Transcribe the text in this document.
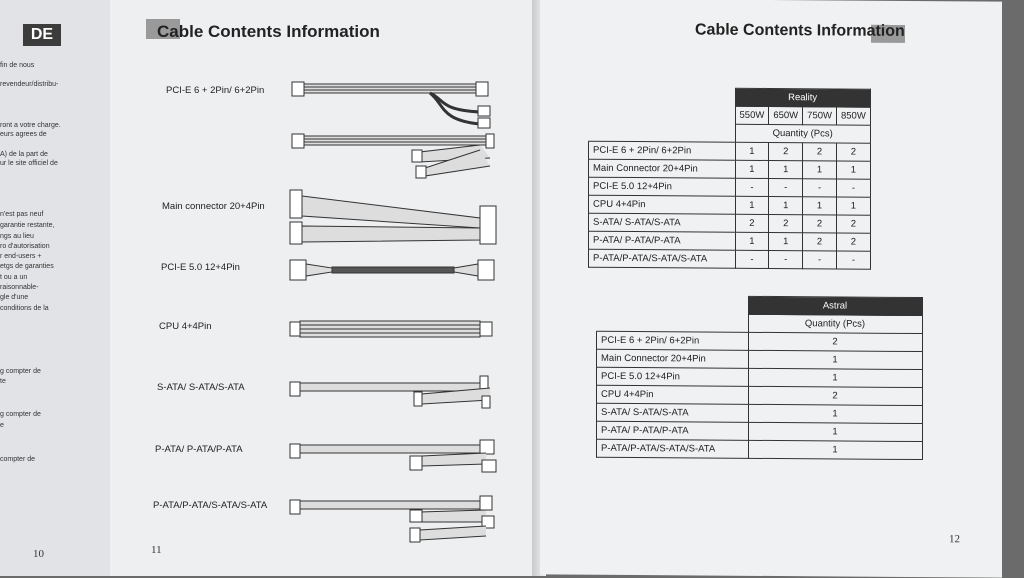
DE
fin de nous
revendeur/distribu-
ront a votre charge.
eurs agrees de
A) de la part de
ur le site officiel de
n'est pas neuf
garantie restante,
ngs au lieu
ro d'autorisation
r end-users +
etgs de garanties
t ou a un
raisonnable-
gle d'une
conditions de la
g compter de
te
g compter de
e
compter de
10
Cable Contents Information
PCI-E 6 + 2Pin/ 6+2Pin
Main connector 20+4Pin
PCI-E 5.0 12+4Pin
CPU 4+4Pin
S-ATA/ S-ATA/S-ATA
P-ATA/ P-ATA/P-ATA
P-ATA/P-ATA/S-ATA/S-ATA
11
Cable Contents Information
	Reality			
	550W	650W	750W	850W
	Quantity (Pcs)			
PCI-E 6 + 2Pin/ 6+2Pin	1	2	2	2
Main Connector 20+4Pin	1	1	1	1
PCI-E 5.0 12+4Pin	-	-	-	-
CPU 4+4Pin	1	1	1	1
S-ATA/ S-ATA/S-ATA	2	2	2	2
P-ATA/ P-ATA/P-ATA	1	1	2	2
P-ATA/P-ATA/S-ATA/S-ATA	-	-	-	-
	Astral
	Quantity (Pcs)
PCI-E 6 + 2Pin/ 6+2Pin	2
Main Connector 20+4Pin	1
PCI-E 5.0 12+4Pin	1
CPU 4+4Pin	2
S-ATA/ S-ATA/S-ATA	1
P-ATA/ P-ATA/P-ATA	1
P-ATA/P-ATA/S-ATA/S-ATA	1
12
